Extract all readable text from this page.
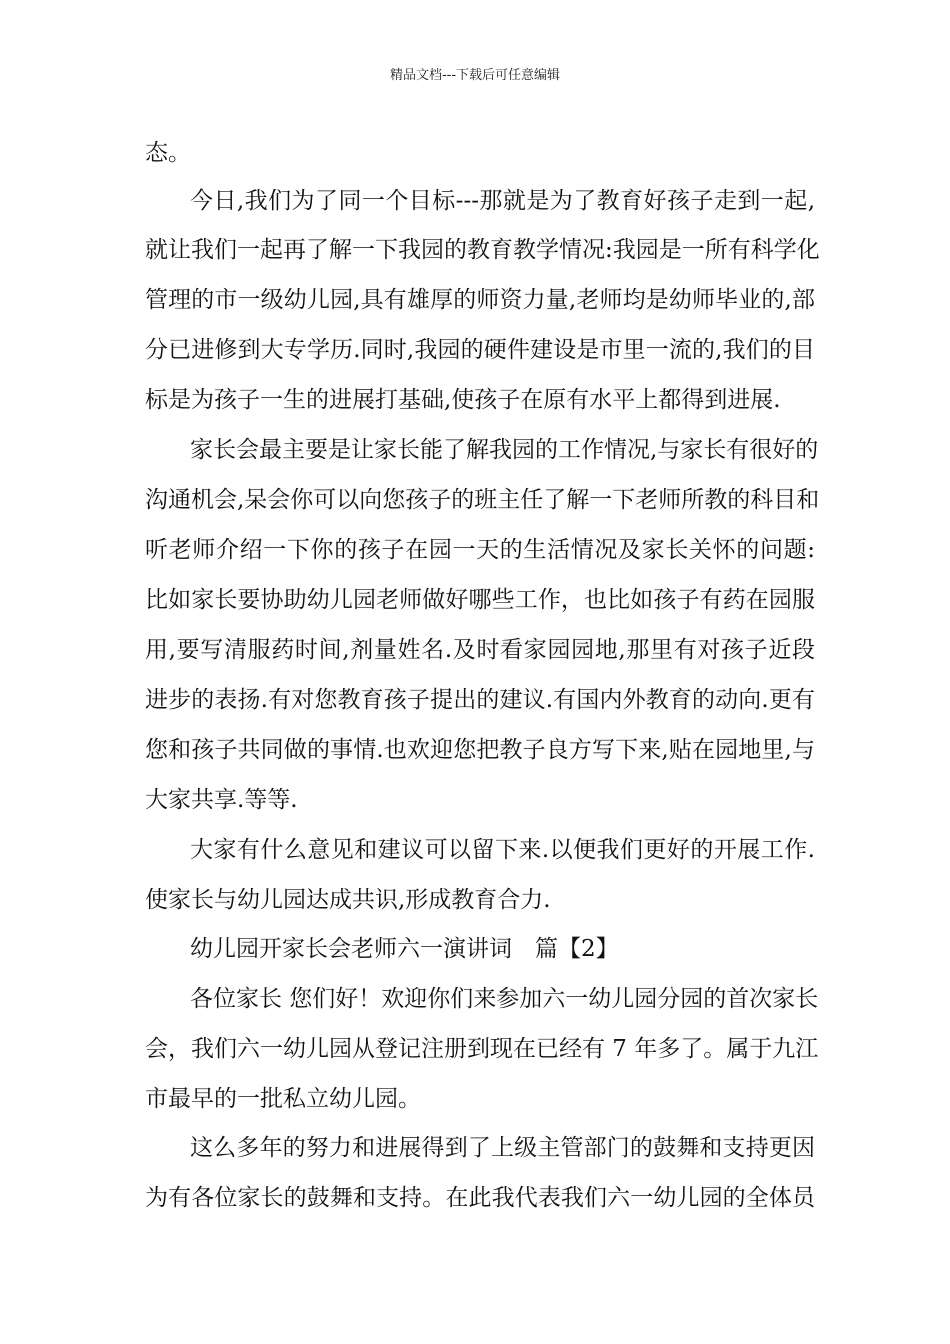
精品文档---下载后可任意编辑
态。
今日,我们为了同一个目标---那就是为了教育好孩子走到一起,
就让我们一起再了解一下我园的教育教学情况:我园是一所有科学化
管理的市一级幼儿园,具有雄厚的师资力量,老师均是幼师毕业的,部
分已进修到大专学历.同时,我园的硬件建设是市里一流的,我们的目
标是为孩子一生的进展打基础,使孩子在原有水平上都得到进展.
家长会最主要是让家长能了解我园的工作情况,与家长有很好的
沟通机会,呆会你可以向您孩子的班主任了解一下老师所教的科目和
听老师介绍一下你的孩子在园一天的生活情况及家长关怀的问题:
比如家长要协助幼儿园老师做好哪些工作，也比如孩子有药在园服
用,要写清服药时间,剂量姓名.及时看家园园地,那里有对孩子近段
进步的表扬.有对您教育孩子提出的建议.有国内外教育的动向.更有
您和孩子共同做的事情.也欢迎您把教子良方写下来,贴在园地里,与
大家共享.等等.
大家有什么意见和建议可以留下来.以便我们更好的开展工作.
使家长与幼儿园达成共识,形成教育合力.
幼儿园开家长会老师六一演讲词　篇【2】
各位家长 您们好！欢迎你们来参加六一幼儿园分园的首次家长
会，我们六一幼儿园从登记注册到现在已经有 7 年多了。属于九江
市最早的一批私立幼儿园。
这么多年的努力和进展得到了上级主管部门的鼓舞和支持更因
为有各位家长的鼓舞和支持。在此我代表我们六一幼儿园的全体员
